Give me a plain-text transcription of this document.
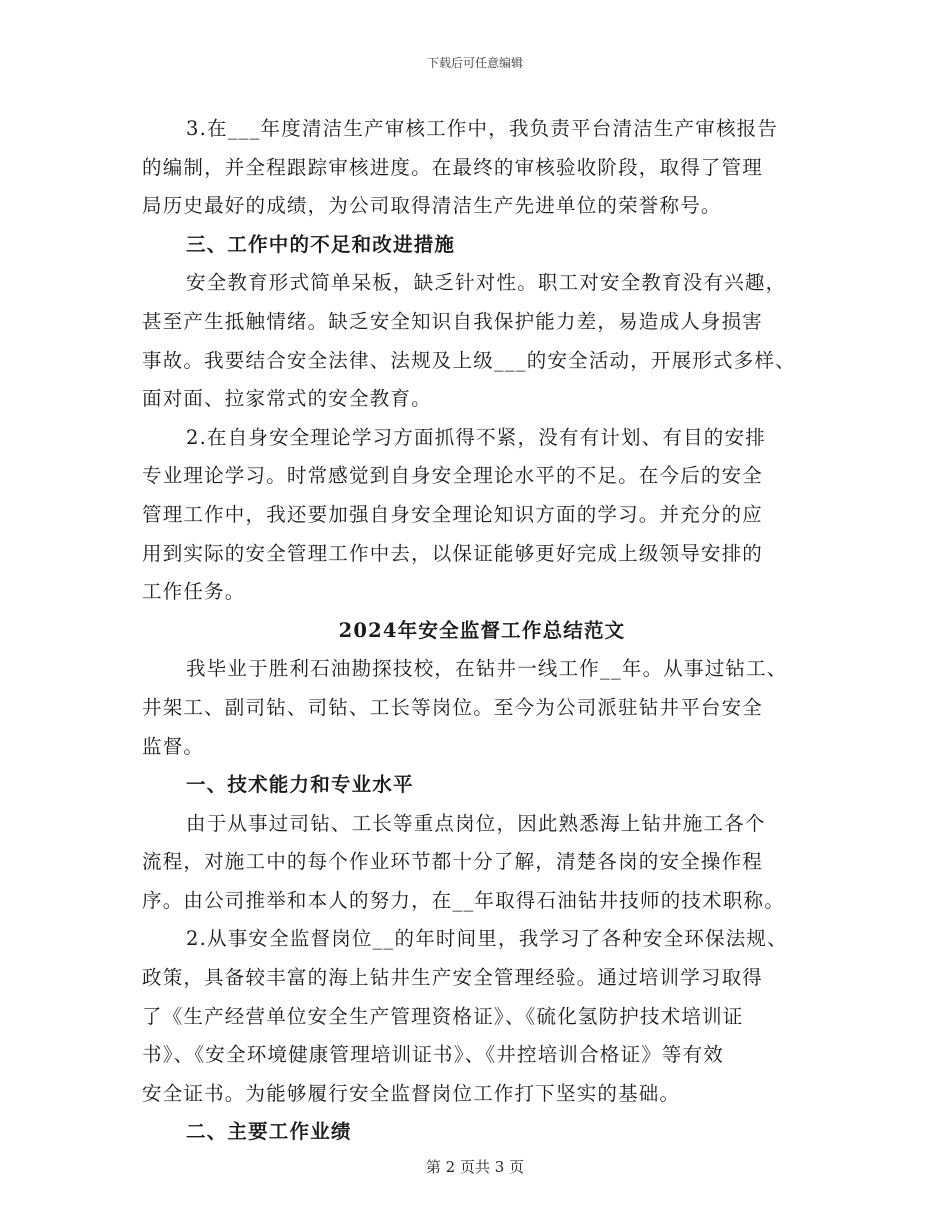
下载后可任意编辑
3.在___年度清洁生产审核工作中，我负责平台清洁生产审核报告
的编制，并全程跟踪审核进度。在最终的审核验收阶段，取得了管理
局历史最好的成绩，为公司取得清洁生产先进单位的荣誉称号。
三、工作中的不足和改进措施
安全教育形式简单呆板，缺乏针对性。职工对安全教育没有兴趣，
甚至产生抵触情绪。缺乏安全知识自我保护能力差，易造成人身损害
事故。我要结合安全法律、法规及上级___的安全活动，开展形式多样、
面对面、拉家常式的安全教育。
2.在自身安全理论学习方面抓得不紧，没有有计划、有目的安排
专业理论学习。时常感觉到自身安全理论水平的不足。在今后的安全
管理工作中，我还要加强自身安全理论知识方面的学习。并充分的应
用到实际的安全管理工作中去，以保证能够更好完成上级领导安排的
工作任务。
2024年安全监督工作总结范文
我毕业于胜利石油勘探技校，在钻井一线工作__年。从事过钻工、
井架工、副司钻、司钻、工长等岗位。至今为公司派驻钻井平台安全
监督。
一、技术能力和专业水平
由于从事过司钻、工长等重点岗位，因此熟悉海上钻井施工各个
流程，对施工中的每个作业环节都十分了解，清楚各岗的安全操作程
序。由公司推举和本人的努力，在__年取得石油钻井技师的技术职称。
2.从事安全监督岗位__的年时间里，我学习了各种安全环保法规、
政策，具备较丰富的海上钻井生产安全管理经验。通过培训学习取得
了《生产经营单位安全生产管理资格证》、《硫化氢防护技术培训证
书》、《安全环境健康管理培训证书》、《井控培训合格证》等有效
安全证书。为能够履行安全监督岗位工作打下坚实的基础。
二、主要工作业绩
第 2 页共 3 页
